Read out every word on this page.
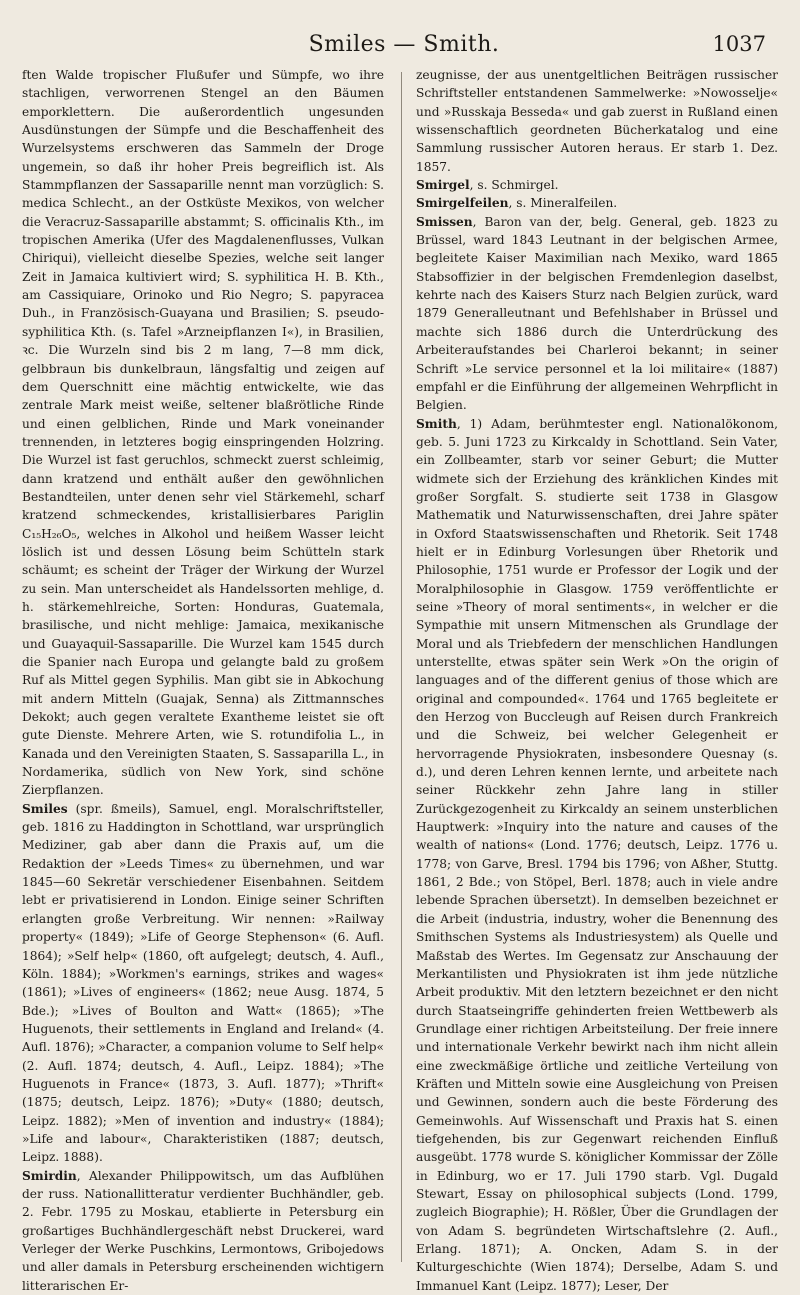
Smiles — Smith.	1037

ften Walde tropischer Flußufer und Sümpfe, wo ihre stachligen, verworrenen Stengel an den Bäumen emporklettern. Die außerordentlich ungesunden Ausdünstungen der Sümpfe und die Beschaffenheit des Wurzelsystems erschweren das Sammeln der Droge ungemein, so daß ihr hoher Preis begreiflich ist. Als Stammpflanzen der Sassaparille nennt man vorzüglich: S. medica Schlecht., an der Ostküste Mexikos, von welcher die Veracruz-Sassaparille abstammt; S. officinalis Kth., im tropischen Amerika (Ufer des Magdalenenflusses, Vulkan Chiriqui), vielleicht dieselbe Spezies, welche seit langer Zeit in Jamaica kultiviert wird; S. syphilitica H. B. Kth., am Cassiquiare, Orinoko und Rio Negro; S. papyracea Duh., in Französisch-Guayana und Brasilien; S. pseudo-syphilitica Kth. (s. Tafel »Arzneipflanzen I«), in Brasilien, ꝛc. Die Wurzeln sind bis 2 m lang, 7—8 mm dick, gelbbraun bis dunkelbraun, längsfaltig und zeigen auf dem Querschnitt eine mächtig entwickelte, wie das zentrale Mark meist weiße, seltener blaßrötliche Rinde und einen gelblichen, Rinde und Mark voneinander trennenden, in letzteres bogig einspringenden Holzring. Die Wurzel ist fast geruchlos, schmeckt zuerst schleimig, dann kratzend und enthält außer den gewöhnlichen Bestandteilen, unter denen sehr viel Stärkemehl, scharf kratzend schmeckendes, kristallisierbares Pariglin C₁₅H₂₆O₅, welches in Alkohol und heißem Wasser leicht löslich ist und dessen Lösung beim Schütteln stark schäumt; es scheint der Träger der Wirkung der Wurzel zu sein. Man unterscheidet als Handelssorten mehlige, d. h. stärkemehlreiche, Sorten: Honduras, Guatemala, brasilische, und nicht mehlige: Jamaica, mexikanische und Guayaquil-Sassaparille. Die Wurzel kam 1545 durch die Spanier nach Europa und gelangte bald zu großem Ruf als Mittel gegen Syphilis. Man gibt sie in Abkochung mit andern Mitteln (Guajak, Senna) als Zittmannsches Dekokt; auch gegen veraltete Exantheme leistet sie oft gute Dienste. Mehrere Arten, wie S. rotundifolia L., in Kanada und den Vereinigten Staaten, S. Sassaparilla L., in Nordamerika, südlich von New York, sind schöne Zierpflanzen.

Smiles (spr. ßmeils), Samuel, engl. Moralschriftsteller, geb. 1816 zu Haddington in Schottland, war ursprünglich Mediziner, gab aber dann die Praxis auf, um die Redaktion der »Leeds Times« zu übernehmen, und war 1845—60 Sekretär verschiedener Eisenbahnen. Seitdem lebt er privatisierend in London. Einige seiner Schriften erlangten große Verbreitung. Wir nennen: »Railway property« (1849); »Life of George Stephenson« (6. Aufl. 1864); »Self help« (1860, oft aufgelegt; deutsch, 4. Aufl., Köln. 1884); »Workmen's earnings, strikes and wages« (1861); »Lives of engineers« (1862; neue Ausg. 1874, 5 Bde.); »Lives of Boulton and Watt« (1865); »The Huguenots, their settlements in England and Ireland« (4. Aufl. 1876); »Character, a companion volume to Self help« (2. Aufl. 1874; deutsch, 4. Aufl., Leipz. 1884); »The Huguenots in France« (1873, 3. Aufl. 1877); »Thrift« (1875; deutsch, Leipz. 1876); »Duty« (1880; deutsch, Leipz. 1882); »Men of invention and industry« (1884); »Life and labour«, Charakteristiken (1887; deutsch, Leipz. 1888).

Smirdin, Alexander Philippowitsch, um das Aufblühen der russ. Nationallitteratur verdienter Buchhändler, geb. 2. Febr. 1795 zu Moskau, etablierte in Petersburg ein großartiges Buchhändlergeschäft nebst Druckerei, ward Verleger der Werke Puschkins, Lermontows, Gribojedows und aller damals in Petersburg erscheinenden wichtigern litterarischen Er-

zeugnisse, der aus unentgeltlichen Beiträgen russischer Schriftsteller entstandenen Sammelwerke: »Nowosselje« und »Russkaja Besseda« und gab zuerst in Rußland einen wissenschaftlich geordneten Bücherkatalog und eine Sammlung russischer Autoren heraus. Er starb 1. Dez. 1857.

Smirgel, s. Schmirgel.

Smirgelfeilen, s. Mineralfeilen.

Smissen, Baron van der, belg. General, geb. 1823 zu Brüssel, ward 1843 Leutnant in der belgischen Armee, begleitete Kaiser Maximilian nach Mexiko, ward 1865 Stabsoffizier in der belgischen Fremdenlegion daselbst, kehrte nach des Kaisers Sturz nach Belgien zurück, ward 1879 Generalleutnant und Befehlshaber in Brüssel und machte sich 1886 durch die Unterdrückung des Arbeiteraufstandes bei Charleroi bekannt; in seiner Schrift »Le service personnel et la loi militaire« (1887) empfahl er die Einführung der allgemeinen Wehrpflicht in Belgien.

Smith, 1) Adam, berühmtester engl. Nationalökonom, geb. 5. Juni 1723 zu Kirkcaldy in Schottland. Sein Vater, ein Zollbeamter, starb vor seiner Geburt; die Mutter widmete sich der Erziehung des kränklichen Kindes mit großer Sorgfalt. S. studierte seit 1738 in Glasgow Mathematik und Naturwissenschaften, drei Jahre später in Oxford Staatswissenschaften und Rhetorik. Seit 1748 hielt er in Edinburg Vorlesungen über Rhetorik und Philosophie, 1751 wurde er Professor der Logik und der Moralphilosophie in Glasgow. 1759 veröffentlichte er seine »Theory of moral sentiments«, in welcher er die Sympathie mit unsern Mitmenschen als Grundlage der Moral und als Triebfedern der menschlichen Handlungen unterstellte, etwas später sein Werk »On the origin of languages and of the different genius of those which are original and compounded«. 1764 und 1765 begleitete er den Herzog von Buccleugh auf Reisen durch Frankreich und die Schweiz, bei welcher Gelegenheit er hervorragende Physiokraten, insbesondere Quesnay (s. d.), und deren Lehren kennen lernte, und arbeitete nach seiner Rückkehr zehn Jahre lang in stiller Zurückgezogenheit zu Kirkcaldy an seinem unsterblichen Hauptwerk: »Inquiry into the nature and causes of the wealth of nations« (Lond. 1776; deutsch, Leipz. 1776 u. 1778; von Garve, Bresl. 1794 bis 1796; von Aßher, Stuttg. 1861, 2 Bde.; von Stöpel, Berl. 1878; auch in viele andre lebende Sprachen übersetzt). In demselben bezeichnet er die Arbeit (industria, industry, woher die Benennung des Smithschen Systems als Industriesystem) als Quelle und Maßstab des Wertes. Im Gegensatz zur Anschauung der Merkantilisten und Physiokraten ist ihm jede nützliche Arbeit produktiv. Mit den letztern bezeichnet er den nicht durch Staatseingriffe gehinderten freien Wettbewerb als Grundlage einer richtigen Arbeitsteilung. Der freie innere und internationale Verkehr bewirkt nach ihm nicht allein eine zweckmäßige örtliche und zeitliche Verteilung von Kräften und Mitteln sowie eine Ausgleichung von Preisen und Gewinnen, sondern auch die beste Förderung des Gemeinwohls. Auf Wissenschaft und Praxis hat S. einen tiefgehenden, bis zur Gegenwart reichenden Einfluß ausgeübt. 1778 wurde S. königlicher Kommissar der Zölle in Edinburg, wo er 17. Juli 1790 starb. Vgl. Dugald Stewart, Essay on philosophical subjects (Lond. 1799, zugleich Biographie); H. Rößler, Über die Grundlagen der von Adam S. begründeten Wirtschaftslehre (2. Aufl., Erlang. 1871); A. Oncken, Adam S. in der Kulturgeschichte (Wien 1874); Derselbe, Adam S. und Immanuel Kant (Leipz. 1877); Leser, Der
